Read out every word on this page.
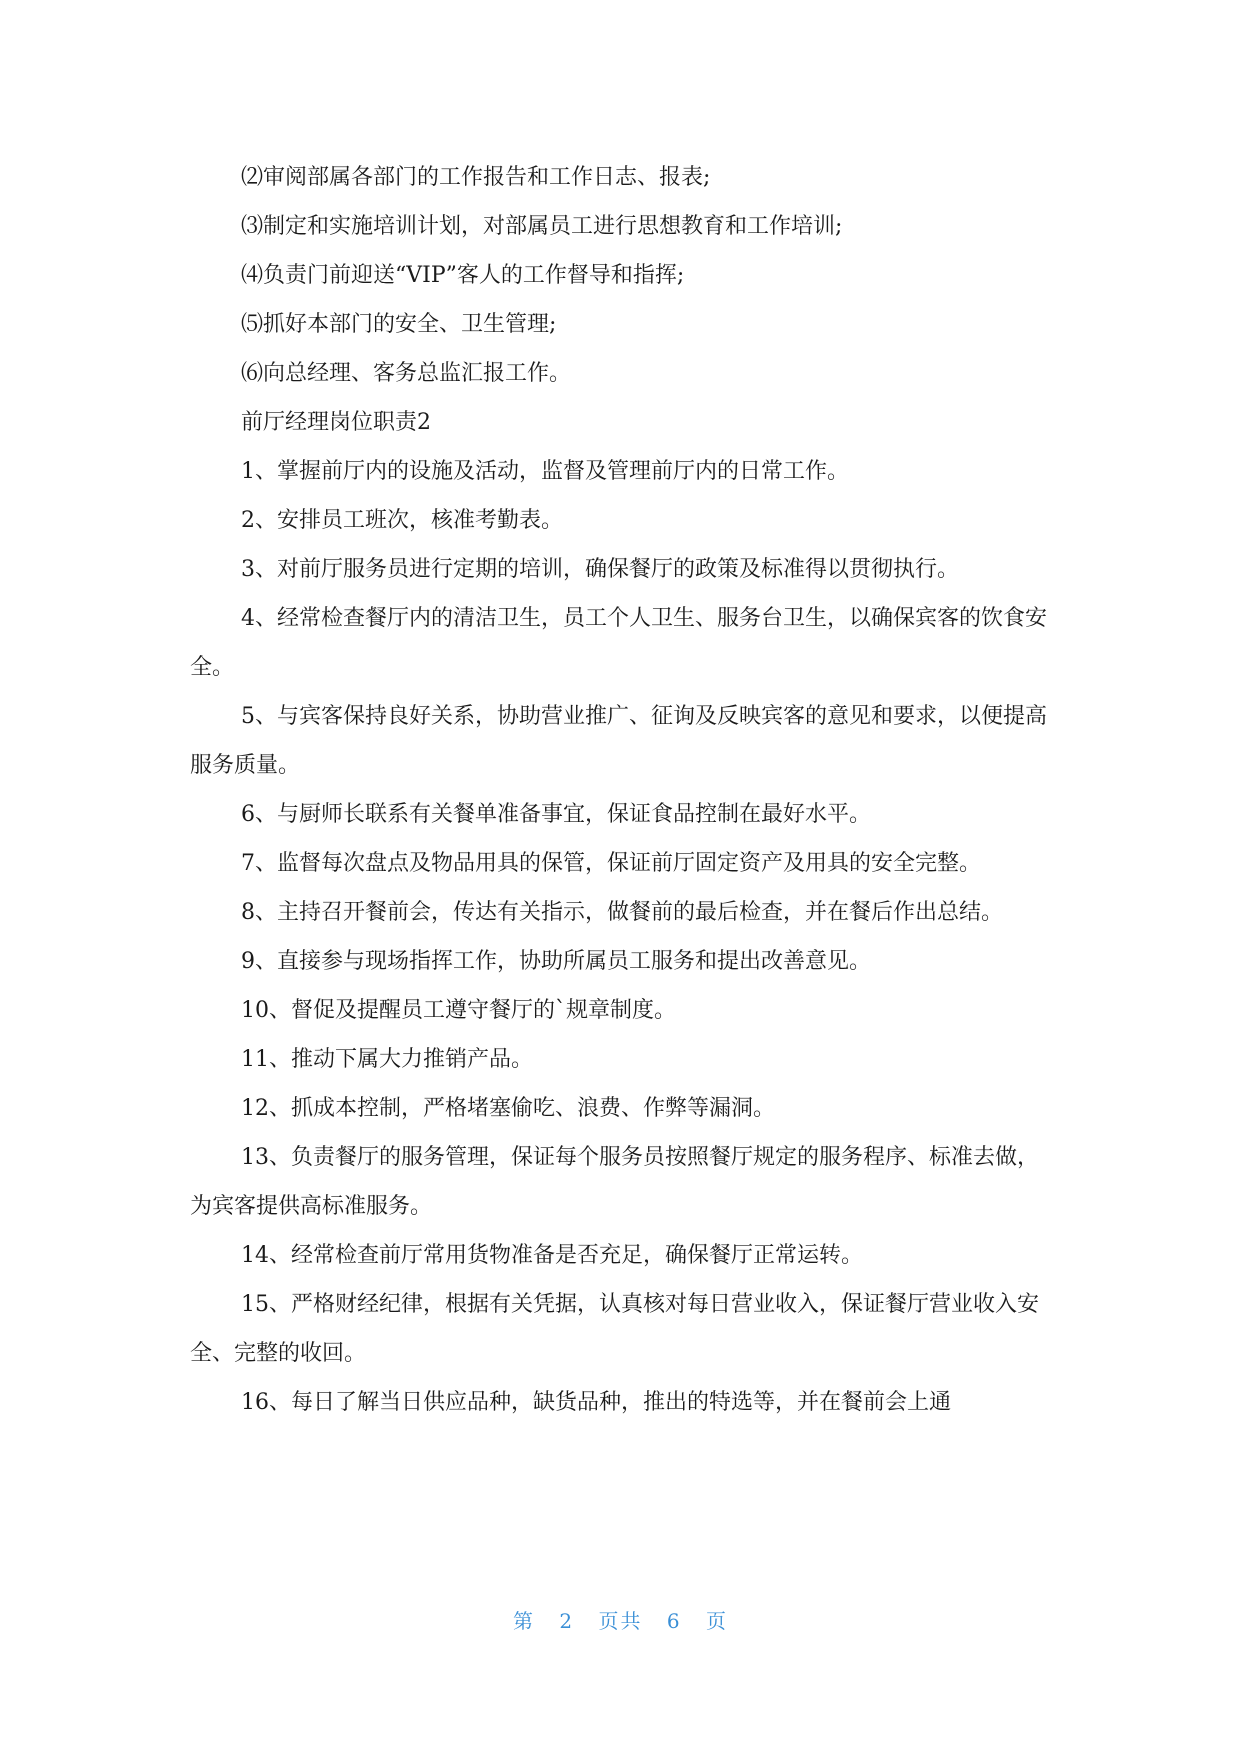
⑵审阅部属各部门的工作报告和工作日志、报表;

⑶制定和实施培训计划，对部属员工进行思想教育和工作培训;

⑷负责门前迎送“VIP”客人的工作督导和指挥;

⑸抓好本部门的安全、卫生管理;

⑹向总经理、客务总监汇报工作。

前厅经理岗位职责2

1、掌握前厅内的设施及活动，监督及管理前厅内的日常工作。

2、安排员工班次，核准考勤表。

3、对前厅服务员进行定期的培训，确保餐厅的政策及标准得以贯彻执行。

4、经常检查餐厅内的清洁卫生，员工个人卫生、服务台卫生，以确保宾客的饮食安全。

5、与宾客保持良好关系，协助营业推广、征询及反映宾客的意见和要求，以便提高服务质量。

6、与厨师长联系有关餐单准备事宜，保证食品控制在最好水平。

7、监督每次盘点及物品用具的保管，保证前厅固定资产及用具的安全完整。

8、主持召开餐前会，传达有关指示，做餐前的最后检查，并在餐后作出总结。

9、直接参与现场指挥工作，协助所属员工服务和提出改善意见。

10、督促及提醒员工遵守餐厅的`规章制度。

11、推动下属大力推销产品。

12、抓成本控制，严格堵塞偷吃、浪费、作弊等漏洞。

13、负责餐厅的服务管理，保证每个服务员按照餐厅规定的服务程序、标准去做，为宾客提供高标准服务。

14、经常检查前厅常用货物准备是否充足，确保餐厅正常运转。

15、严格财经纪律，根据有关凭据，认真核对每日营业收入，保证餐厅营业收入安全、完整的收回。

16、每日了解当日供应品种，缺货品种，推出的特选等，并在餐前会上通

第 2 页共 6 页
